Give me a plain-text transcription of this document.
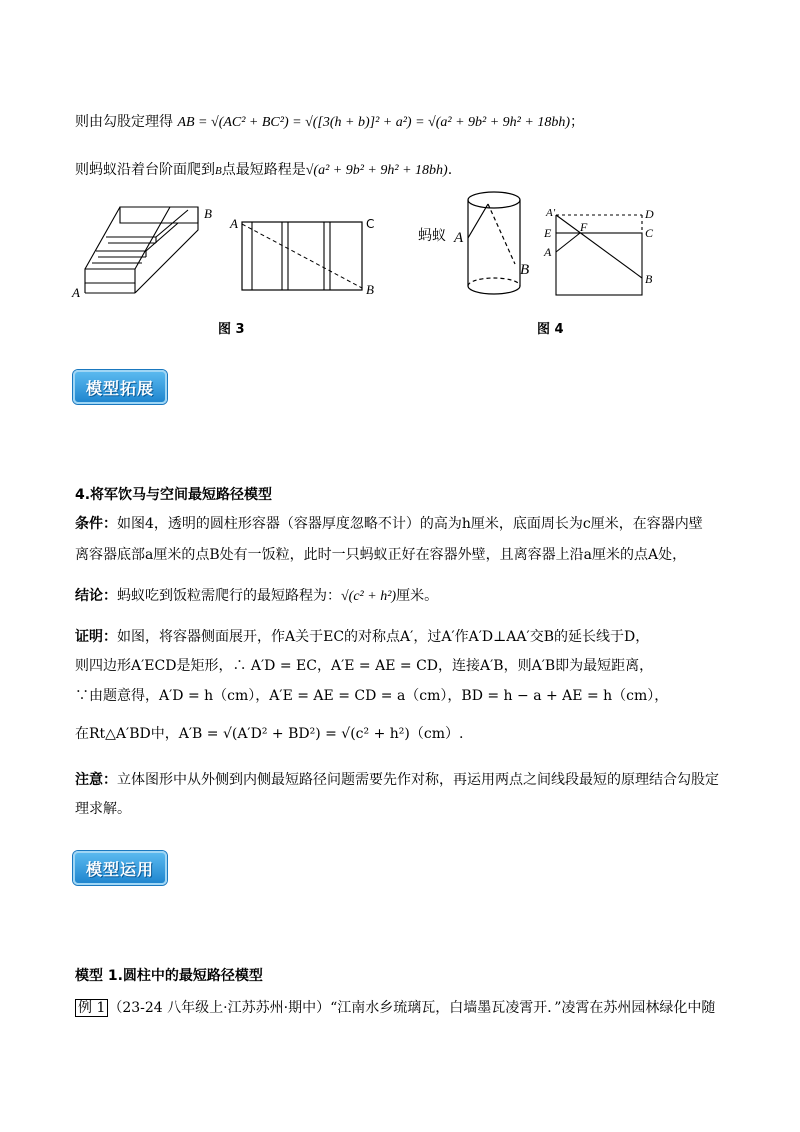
则由勾股定理得 AB = √(AC² + BC²) = √([3(h + b)]² + a²) = √(a² + 9b² + 9h² + 18bh)；
则蚂蚁沿着台阶面爬到B点最短路程是√(a² + 9b² + 9h² + 18bh).
B
A
A	C
B
图 3
蚂蚁 A
B
A′	D
E F	C
A
B
图 4
模型拓展
4.将军饮马与空间最短路径模型
条件：如图4，透明的圆柱形容器（容器厚度忽略不计）的高为h厘米，底面周长为c厘米，在容器内壁
离容器底部a厘米的点B处有一饭粒，此时一只蚂蚁正好在容器外壁，且离容器上沿a厘米的点A处，
结论：蚂蚁吃到饭粒需爬行的最短路程为：√(c² + h²)厘米。
证明：如图，将容器侧面展开，作A关于EC的对称点A′，过A′作A′D⊥AA′交B的延长线于D，
则四边形A′ECD是矩形，∴ A′D = EC，A′E = AE = CD，连接A′B，则A′B即为最短距离，
∵由题意得，A′D = h（cm），A′E = AE = CD = a（cm），BD = h − a + AE = h（cm），
在Rt△A′BD中，A′B = √(A′D² + BD²) = √(c² + h²)（cm）.
注意：立体图形中从外侧到内侧最短路径问题需要先作对称，再运用两点之间线段最短的原理结合勾股定
理求解。
模型运用
模型 1.圆柱中的最短路径模型
例 1 （23-24 八年级上·江苏苏州·期中）“江南水乡琉璃瓦，白墙墨瓦凌霄开．”凌霄在苏州园林绿化中随
